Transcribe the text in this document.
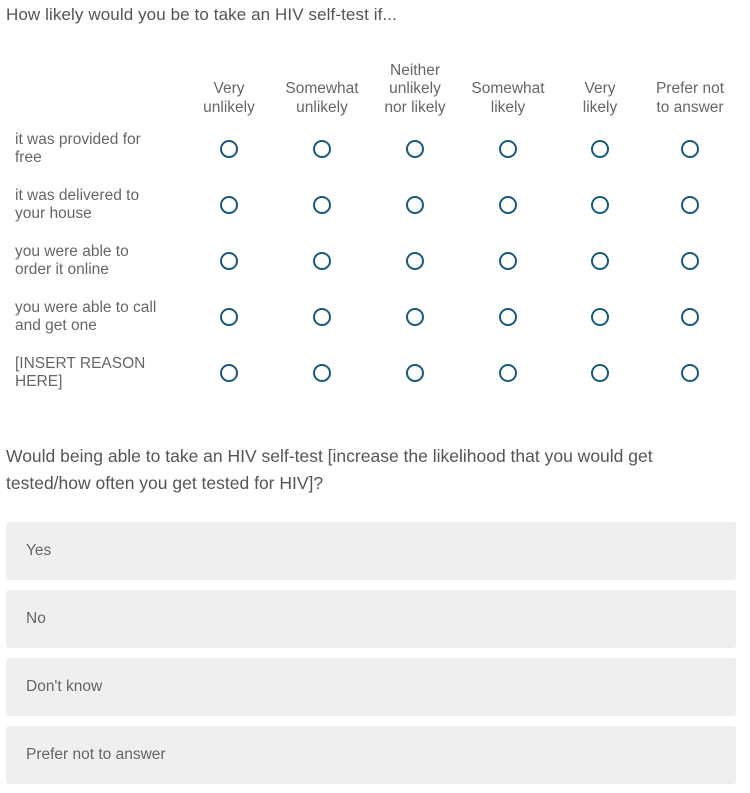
How likely would you be to take an HIV self-test if...
Very
unlikely
Somewhat
unlikely
Neither
unlikely
nor likely
Somewhat
likely
Very
likely
Prefer not
to answer
it was provided for
free
it was delivered to
your house
you were able to
order it online
you were able to call
and get one
[INSERT REASON
HERE]
Would being able to take an HIV self-test [increase the likelihood that you would get tested/how often you get tested for HIV]?
Yes
No
Don't know
Prefer not to answer
